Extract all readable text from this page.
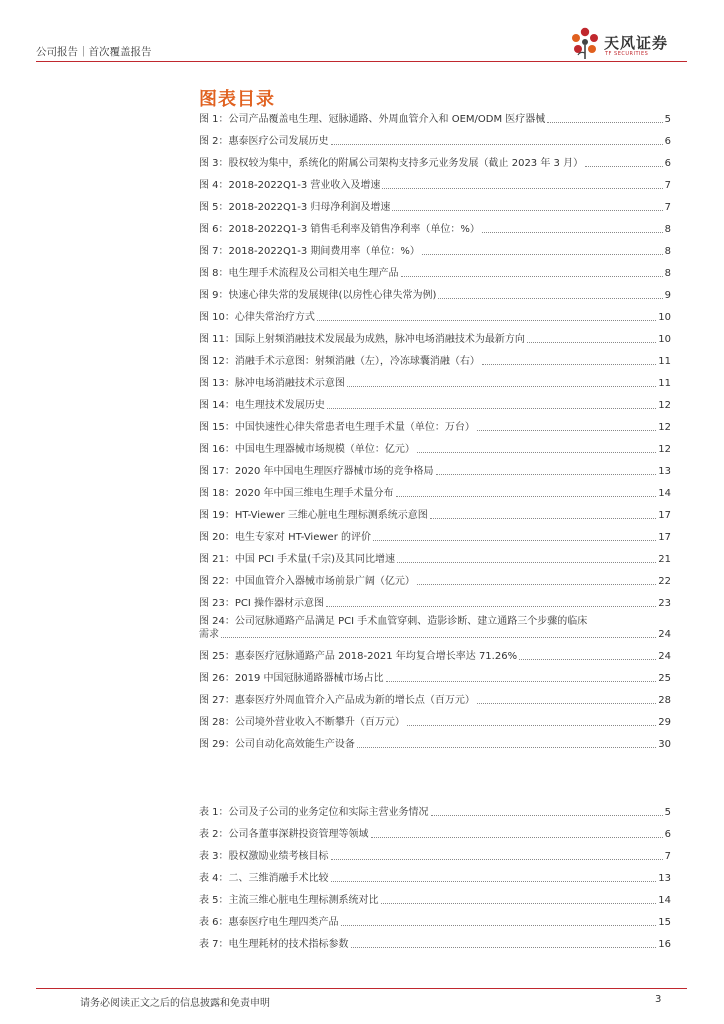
公司报告｜首次覆盖报告	天风证券
TF SECURITIES
图表目录
图 1：公司产品覆盖电生理、冠脉通路、外周血管介入和 OEM/ODM 医疗器械	5
图 2：惠泰医疗公司发展历史	6
图 3：股权较为集中，系统化的附属公司架构支持多元业务发展（截止 2023 年 3 月）	6
图 4：2018-2022Q1-3 营业收入及增速	7
图 5：2018-2022Q1-3 归母净利润及增速	7
图 6：2018-2022Q1-3 销售毛利率及销售净利率（单位：%）	8
图 7：2018-2022Q1-3 期间费用率（单位：%）	8
图 8：电生理手术流程及公司相关电生理产品	8
图 9：快速心律失常的发展规律(以房性心律失常为例)	9
图 10：心律失常治疗方式	10
图 11：国际上射频消融技术发展最为成熟，脉冲电场消融技术为最新方向	10
图 12：消融手术示意图：射频消融（左），冷冻球囊消融（右）	11
图 13：脉冲电场消融技术示意图	11
图 14：电生理技术发展历史	12
图 15：中国快速性心律失常患者电生理手术量（单位：万台）	12
图 16：中国电生理器械市场规模（单位：亿元）	12
图 17：2020 年中国电生理医疗器械市场的竞争格局	13
图 18：2020 年中国三维电生理手术量分布	14
图 19：HT-Viewer 三维心脏电生理标测系统示意图	17
图 20：电生专家对 HT-Viewer 的评价	17
图 21：中国 PCI 手术量(千宗)及其同比增速	21
图 22：中国血管介入器械市场前景广阔（亿元）	22
图 23：PCI 操作器材示意图	23
图 24：公司冠脉通路产品满足 PCI 手术血管穿刺、造影诊断、建立通路三个步骤的临床
需求	24
图 25：惠泰医疗冠脉通路产品 2018-2021 年均复合增长率达 71.26%	24
图 26：2019 中国冠脉通路器械市场占比	25
图 27：惠泰医疗外周血管介入产品成为新的增长点（百万元）	28
图 28：公司境外营业收入不断攀升（百万元）	29
图 29：公司自动化高效能生产设备	30
表 1：公司及子公司的业务定位和实际主营业务情况	5
表 2：公司各董事深耕投资管理等领域	6
表 3：股权激励业绩考核目标	7
表 4：二、三维消融手术比较	13
表 5：主流三维心脏电生理标测系统对比	14
表 6：惠泰医疗电生理四类产品	15
表 7：电生理耗材的技术指标参数	16
请务必阅读正文之后的信息披露和免责申明	3
